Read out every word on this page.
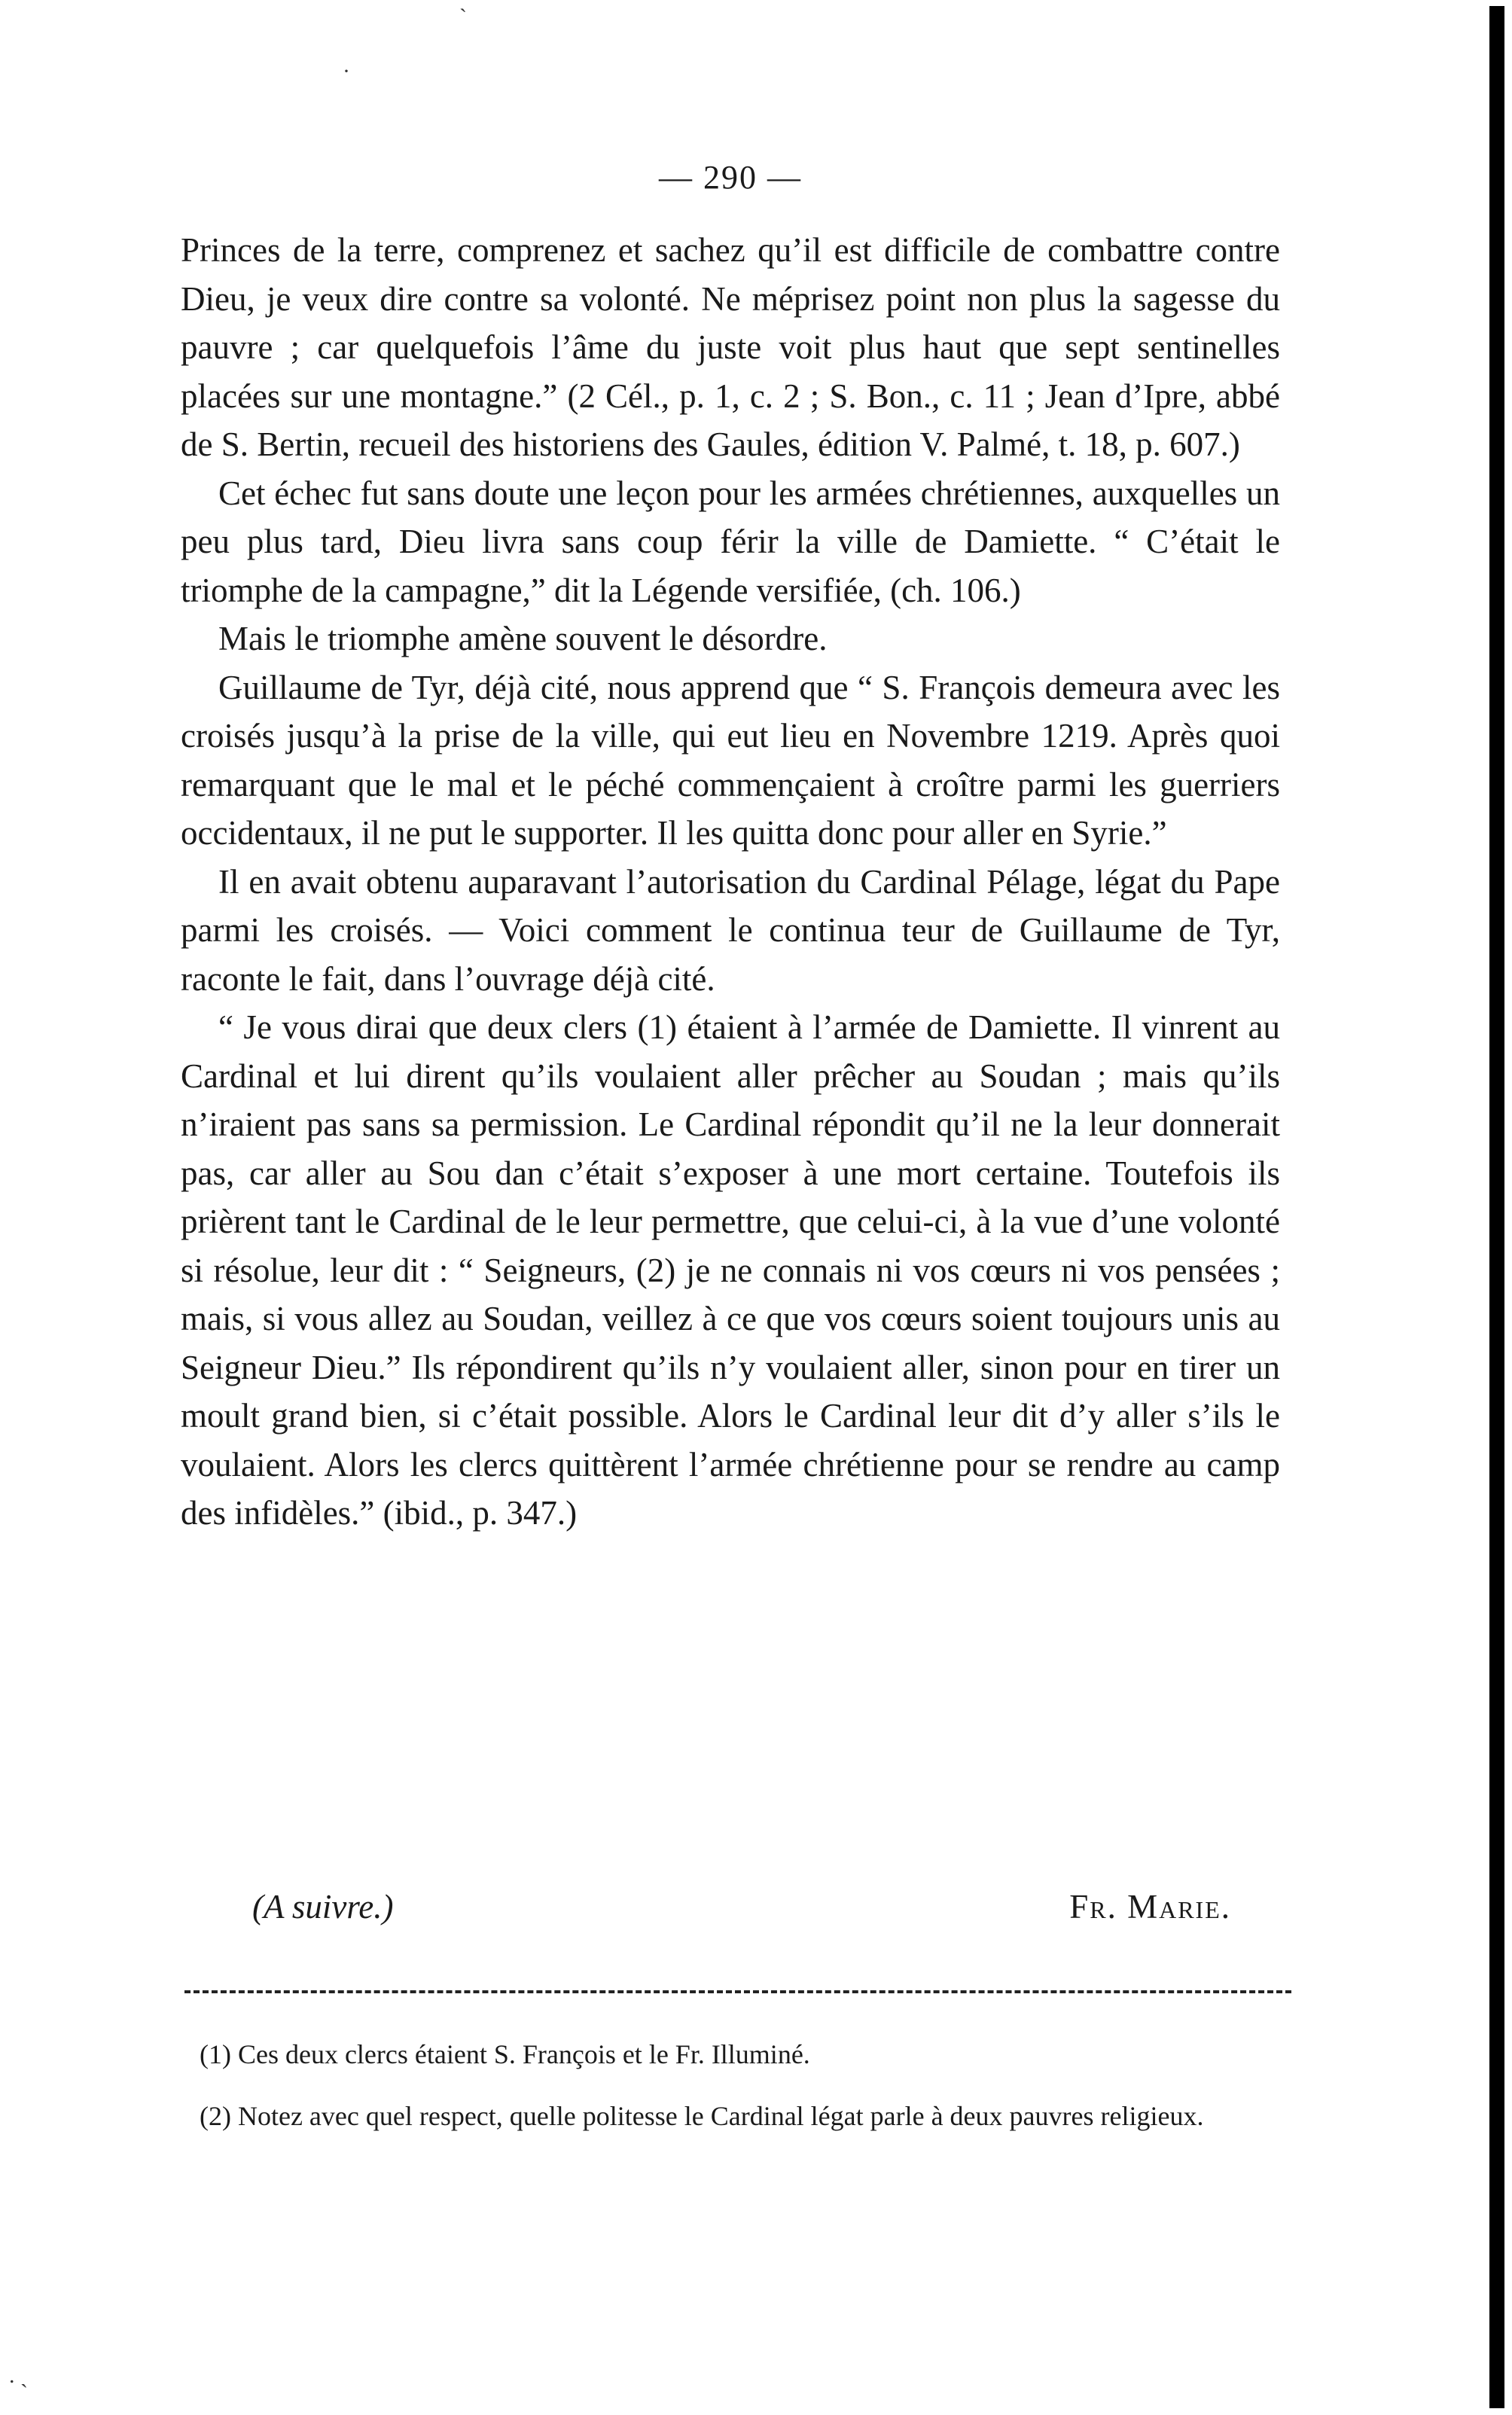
ˋ
·
. ˏ
— 290 —

Princes de la terre, comprenez et sachez qu’il est difficile de combattre contre Dieu, je veux dire contre sa volonté. Ne méprisez point non plus la sagesse du pauvre ; car quelquefois l’âme du juste voit plus haut que sept sentinelles placées sur une montagne.” (2 Cél., p. 1, c. 2 ; S. Bon., c. 11 ; Jean d’Ipre, abbé de S. Bertin, recueil des historiens des Gaules, édition V. Palmé, t. 18, p. 607.)

Cet échec fut sans doute une leçon pour les armées chrétiennes, auxquelles un peu plus tard, Dieu livra sans coup férir la ville de Damiette. “ C’était le triomphe de la campagne,” dit la Légende versifiée, (ch. 106.)

Mais le triomphe amène souvent le désordre.

Guillaume de Tyr, déjà cité, nous apprend que “ S. François demeura avec les croisés jusqu’à la prise de la ville, qui eut lieu en Novembre 1219. Après quoi remarquant que le mal et le péché commençaient à croître parmi les guerriers occidentaux, il ne put le supporter. Il les quitta donc pour aller en Syrie.”

Il en avait obtenu auparavant l’autorisation du Cardinal Pélage, légat du Pape parmi les croisés. — Voici comment le continua teur de Guillaume de Tyr, raconte le fait, dans l’ouvrage déjà cité.

“ Je vous dirai que deux clers (1) étaient à l’armée de Damiette. Il vinrent au Cardinal et lui dirent qu’ils voulaient aller prêcher au Soudan ; mais qu’ils n’iraient pas sans sa permission. Le Cardinal répondit qu’il ne la leur donnerait pas, car aller au Sou dan c’était s’exposer à une mort certaine. Toutefois ils prièrent tant le Cardinal de le leur permettre, que celui-ci, à la vue d’une volonté si résolue, leur dit : “ Seigneurs, (2) je ne connais ni vos cœurs ni vos pensées ; mais, si vous allez au Soudan, veillez à ce que vos cœurs soient toujours unis au Seigneur Dieu.” Ils répondirent qu’ils n’y voulaient aller, sinon pour en tirer un moult grand bien, si c’était possible. Alors le Cardinal leur dit d’y aller s’ils le voulaient. Alors les clercs quittèrent l’armée chrétienne pour se rendre au camp des infidèles.” (ibid., p. 347.)

(A suivre.)	Fr. Marie.

(1) Ces deux clercs étaient S. François et le Fr. Illuminé.

(2) Notez avec quel respect, quelle politesse le Cardinal légat parle à deux pauvres religieux.
